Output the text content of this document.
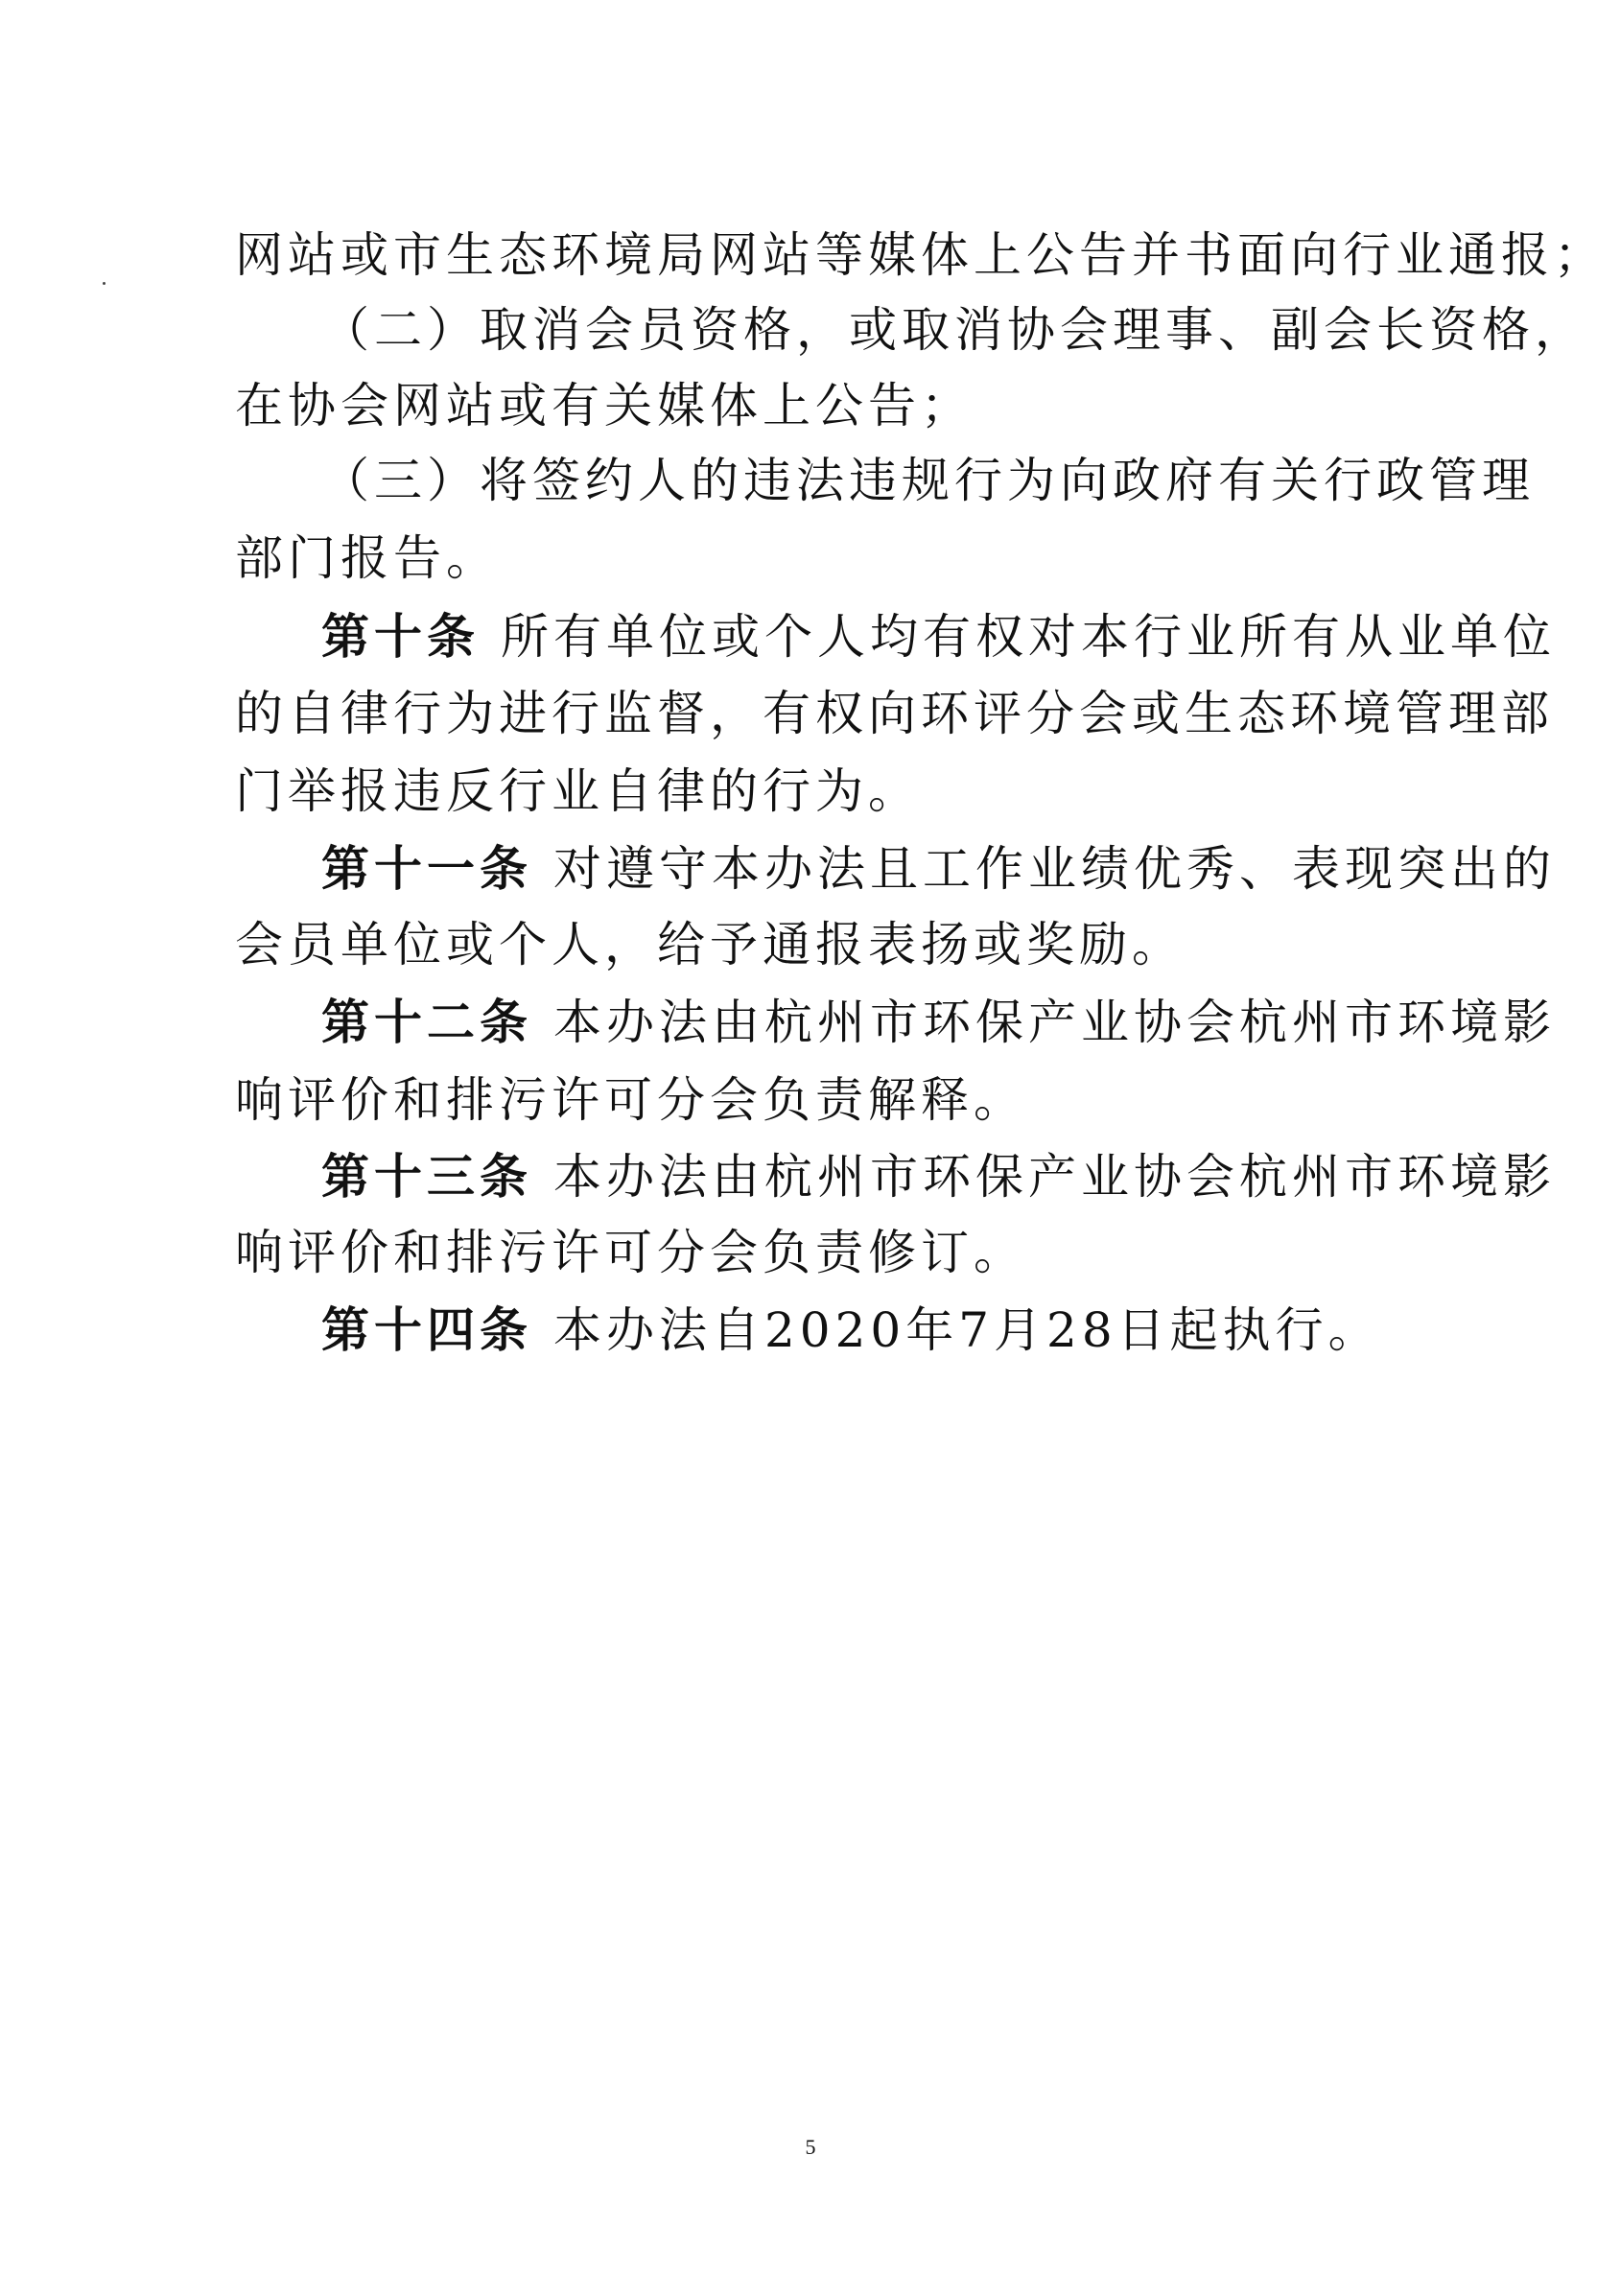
网站或市生态环境局网站等媒体上公告并书面向行业通报；
（二）取消会员资格，或取消协会理事、副会长资格，
在协会网站或有关媒体上公告；
（三）将签约人的违法违规行为向政府有关行政管理
部门报告。
第十条 所有单位或个人均有权对本行业所有从业单位
的自律行为进行监督，有权向环评分会或生态环境管理部
门举报违反行业自律的行为。
第十一条 对遵守本办法且工作业绩优秀、表现突出的
会员单位或个人，给予通报表扬或奖励。
第十二条 本办法由杭州市环保产业协会杭州市环境影
响评价和排污许可分会负责解释。
第十三条 本办法由杭州市环保产业协会杭州市环境影
响评价和排污许可分会负责修订。
第十四条 本办法自2020年7月28日起执行。
5
